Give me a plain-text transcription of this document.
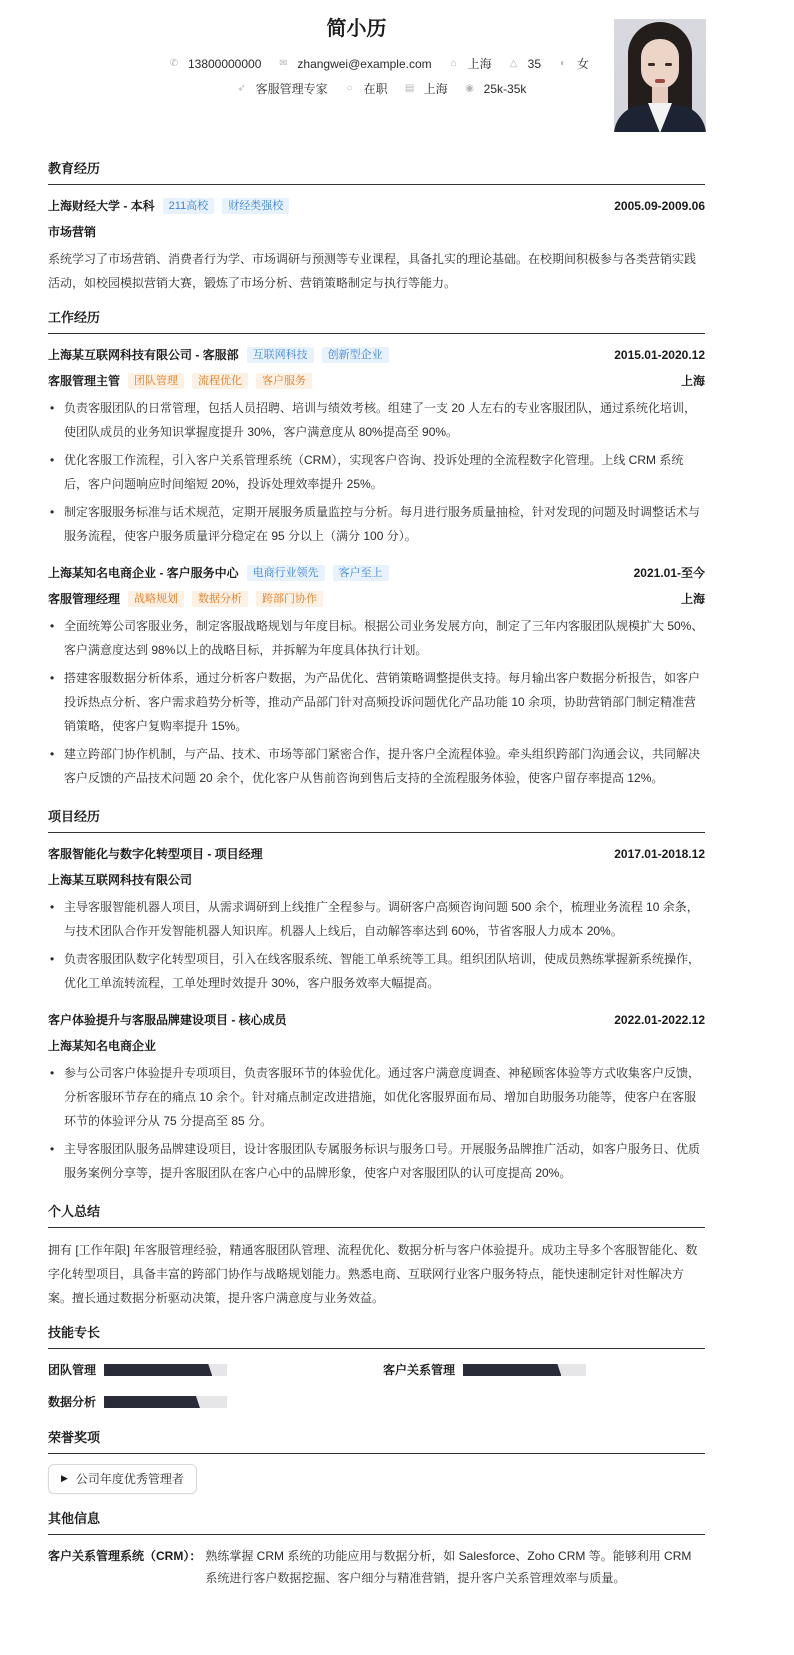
简小历
✆ 13800000000 ✉ zhangwei@example.com ⌂ 上海 △ 35 ◐ 女
➶ 客服管理专家 ○ 在职 ▤ 上海 ◉ 25k-35k
教育经历
上海财经大学 - 本科	211高校	财经类强校	2005.09-2009.06
市场营销
系统学习了市场营销、消费者行为学、市场调研与预测等专业课程，具备扎实的理论基础。在校期间积极参与各类营销实践活动，如校园模拟营销大赛，锻炼了市场分析、营销策略制定与执行等能力。
工作经历
上海某互联网科技有限公司 - 客服部	互联网科技	创新型企业	2015.01-2020.12
客服管理主管	团队管理	流程优化	客户服务	上海
• 负责客服团队的日常管理，包括人员招聘、培训与绩效考核。组建了一支 20 人左右的专业客服团队，通过系统化培训，使团队成员的业务知识掌握度提升 30%，客户满意度从 80%提高至 90%。
• 优化客服工作流程，引入客户关系管理系统（CRM），实现客户咨询、投诉处理的全流程数字化管理。上线 CRM 系统后，客户问题响应时间缩短 20%，投诉处理效率提升 25%。
• 制定客服服务标准与话术规范，定期开展服务质量监控与分析。每月进行服务质量抽检，针对发现的问题及时调整话术与服务流程，使客户服务质量评分稳定在 95 分以上（满分 100 分）。
上海某知名电商企业 - 客户服务中心	电商行业领先	客户至上	2021.01-至今
客服管理经理	战略规划	数据分析	跨部门协作	上海
• 全面统筹公司客服业务，制定客服战略规划与年度目标。根据公司业务发展方向，制定了三年内客服团队规模扩大 50%、客户满意度达到 98%以上的战略目标，并拆解为年度具体执行计划。
• 搭建客服数据分析体系，通过分析客户数据，为产品优化、营销策略调整提供支持。每月输出客户数据分析报告，如客户投诉热点分析、客户需求趋势分析等，推动产品部门针对高频投诉问题优化产品功能 10 余项，协助营销部门制定精准营销策略，使客户复购率提升 15%。
• 建立跨部门协作机制，与产品、技术、市场等部门紧密合作，提升客户全流程体验。牵头组织跨部门沟通会议，共同解决客户反馈的产品技术问题 20 余个，优化客户从售前咨询到售后支持的全流程服务体验，使客户留存率提高 12%。
项目经历
客服智能化与数字化转型项目 - 项目经理	2017.01-2018.12
上海某互联网科技有限公司
• 主导客服智能机器人项目，从需求调研到上线推广全程参与。调研客户高频咨询问题 500 余个，梳理业务流程 10 余条，与技术团队合作开发智能机器人知识库。机器人上线后，自动解答率达到 60%，节省客服人力成本 20%。
• 负责客服团队数字化转型项目，引入在线客服系统、智能工单系统等工具。组织团队培训，使成员熟练掌握新系统操作，优化工单流转流程，工单处理时效提升 30%，客户服务效率大幅提高。
客户体验提升与客服品牌建设项目 - 核心成员	2022.01-2022.12
上海某知名电商企业
• 参与公司客户体验提升专项项目，负责客服环节的体验优化。通过客户满意度调查、神秘顾客体验等方式收集客户反馈，分析客服环节存在的痛点 10 余个。针对痛点制定改进措施，如优化客服界面布局、增加自助服务功能等，使客户在客服环节的体验评分从 75 分提高至 85 分。
• 主导客服团队服务品牌建设项目，设计客服团队专属服务标识与服务口号。开展服务品牌推广活动，如客户服务日、优质服务案例分享等，提升客服团队在客户心中的品牌形象，使客户对客服团队的认可度提高 20%。
个人总结
拥有 [工作年限] 年客服管理经验，精通客服团队管理、流程优化、数据分析与客户体验提升。成功主导多个客服智能化、数字化转型项目，具备丰富的跨部门协作与战略规划能力。熟悉电商、互联网行业客户服务特点，能快速制定针对性解决方案。擅长通过数据分析驱动决策，提升客户满意度与业务效益。
技能专长
团队管理	客户关系管理
数据分析
荣誉奖项
▶ 公司年度优秀管理者
其他信息
客户关系管理系统（CRM）： 熟练掌握 CRM 系统的功能应用与数据分析，如 Salesforce、Zoho CRM 等。能够利用 CRM 系统进行客户数据挖掘、客户细分与精准营销，提升客户关系管理效率与质量。
